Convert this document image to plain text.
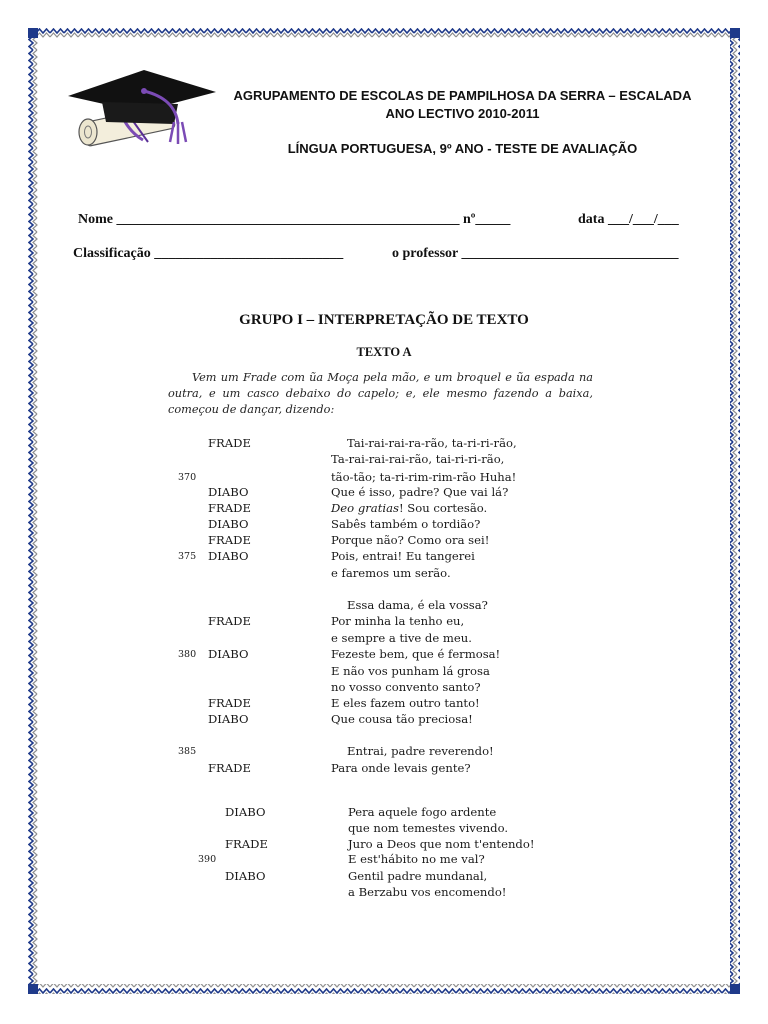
AGRUPAMENTO DE ESCOLAS DE PAMPILHOSA DA SERRA – ESCALADA
ANO LECTIVO 2010-2011
LÍNGUA PORTUGUESA, 9º ANO - TESTE DE AVALIAÇÃO
Nome _________________________________________________ nº_____	data ___/___/___
Classificação ___________________________	o professor _______________________________
GRUPO I – INTERPRETAÇÃO DE TEXTO
TEXTO A

Vem um Frade com ũa Moça pela mão, e um broquel e ũa espada na outra, e um casco debaixo do capelo; e, ele mesmo fazendo a baixa, começou de dançar, dizendo:

FRADE	Tai-rai-rai-ra-rão, ta-ri-ri-rão,
Ta-rai-rai-rai-rão, tai-ri-ri-rão,
370	tão-tão; ta-ri-rim-rim-rão Huha!
DIABO	Que é isso, padre? Que vai lá?
FRADE	Deo gratias! Sou cortesão.
DIABO	Sabês também o tordião?
FRADE	Porque não? Como ora sei!
375 DIABO	Pois, entrai! Eu tangerei
e faremos um serão.
Essa dama, é ela vossa?
FRADE	Por minha la tenho eu,
e sempre a tive de meu.
380 DIABO	Fezeste bem, que é fermosa!
E não vos punham lá grosa
no vosso convento santo?
FRADE	E eles fazem outro tanto!
DIABO	Que cousa tão preciosa!
385	Entrai, padre reverendo!
FRADE	Para onde levais gente?
DIABO	Pera aquele fogo ardente
que nom temestes vivendo.
FRADE	Juro a Deos que nom t'entendo!
390	E est'hábito no me val?
DIABO	Gentil padre mundanal,
a Berzabu vos encomendo!
